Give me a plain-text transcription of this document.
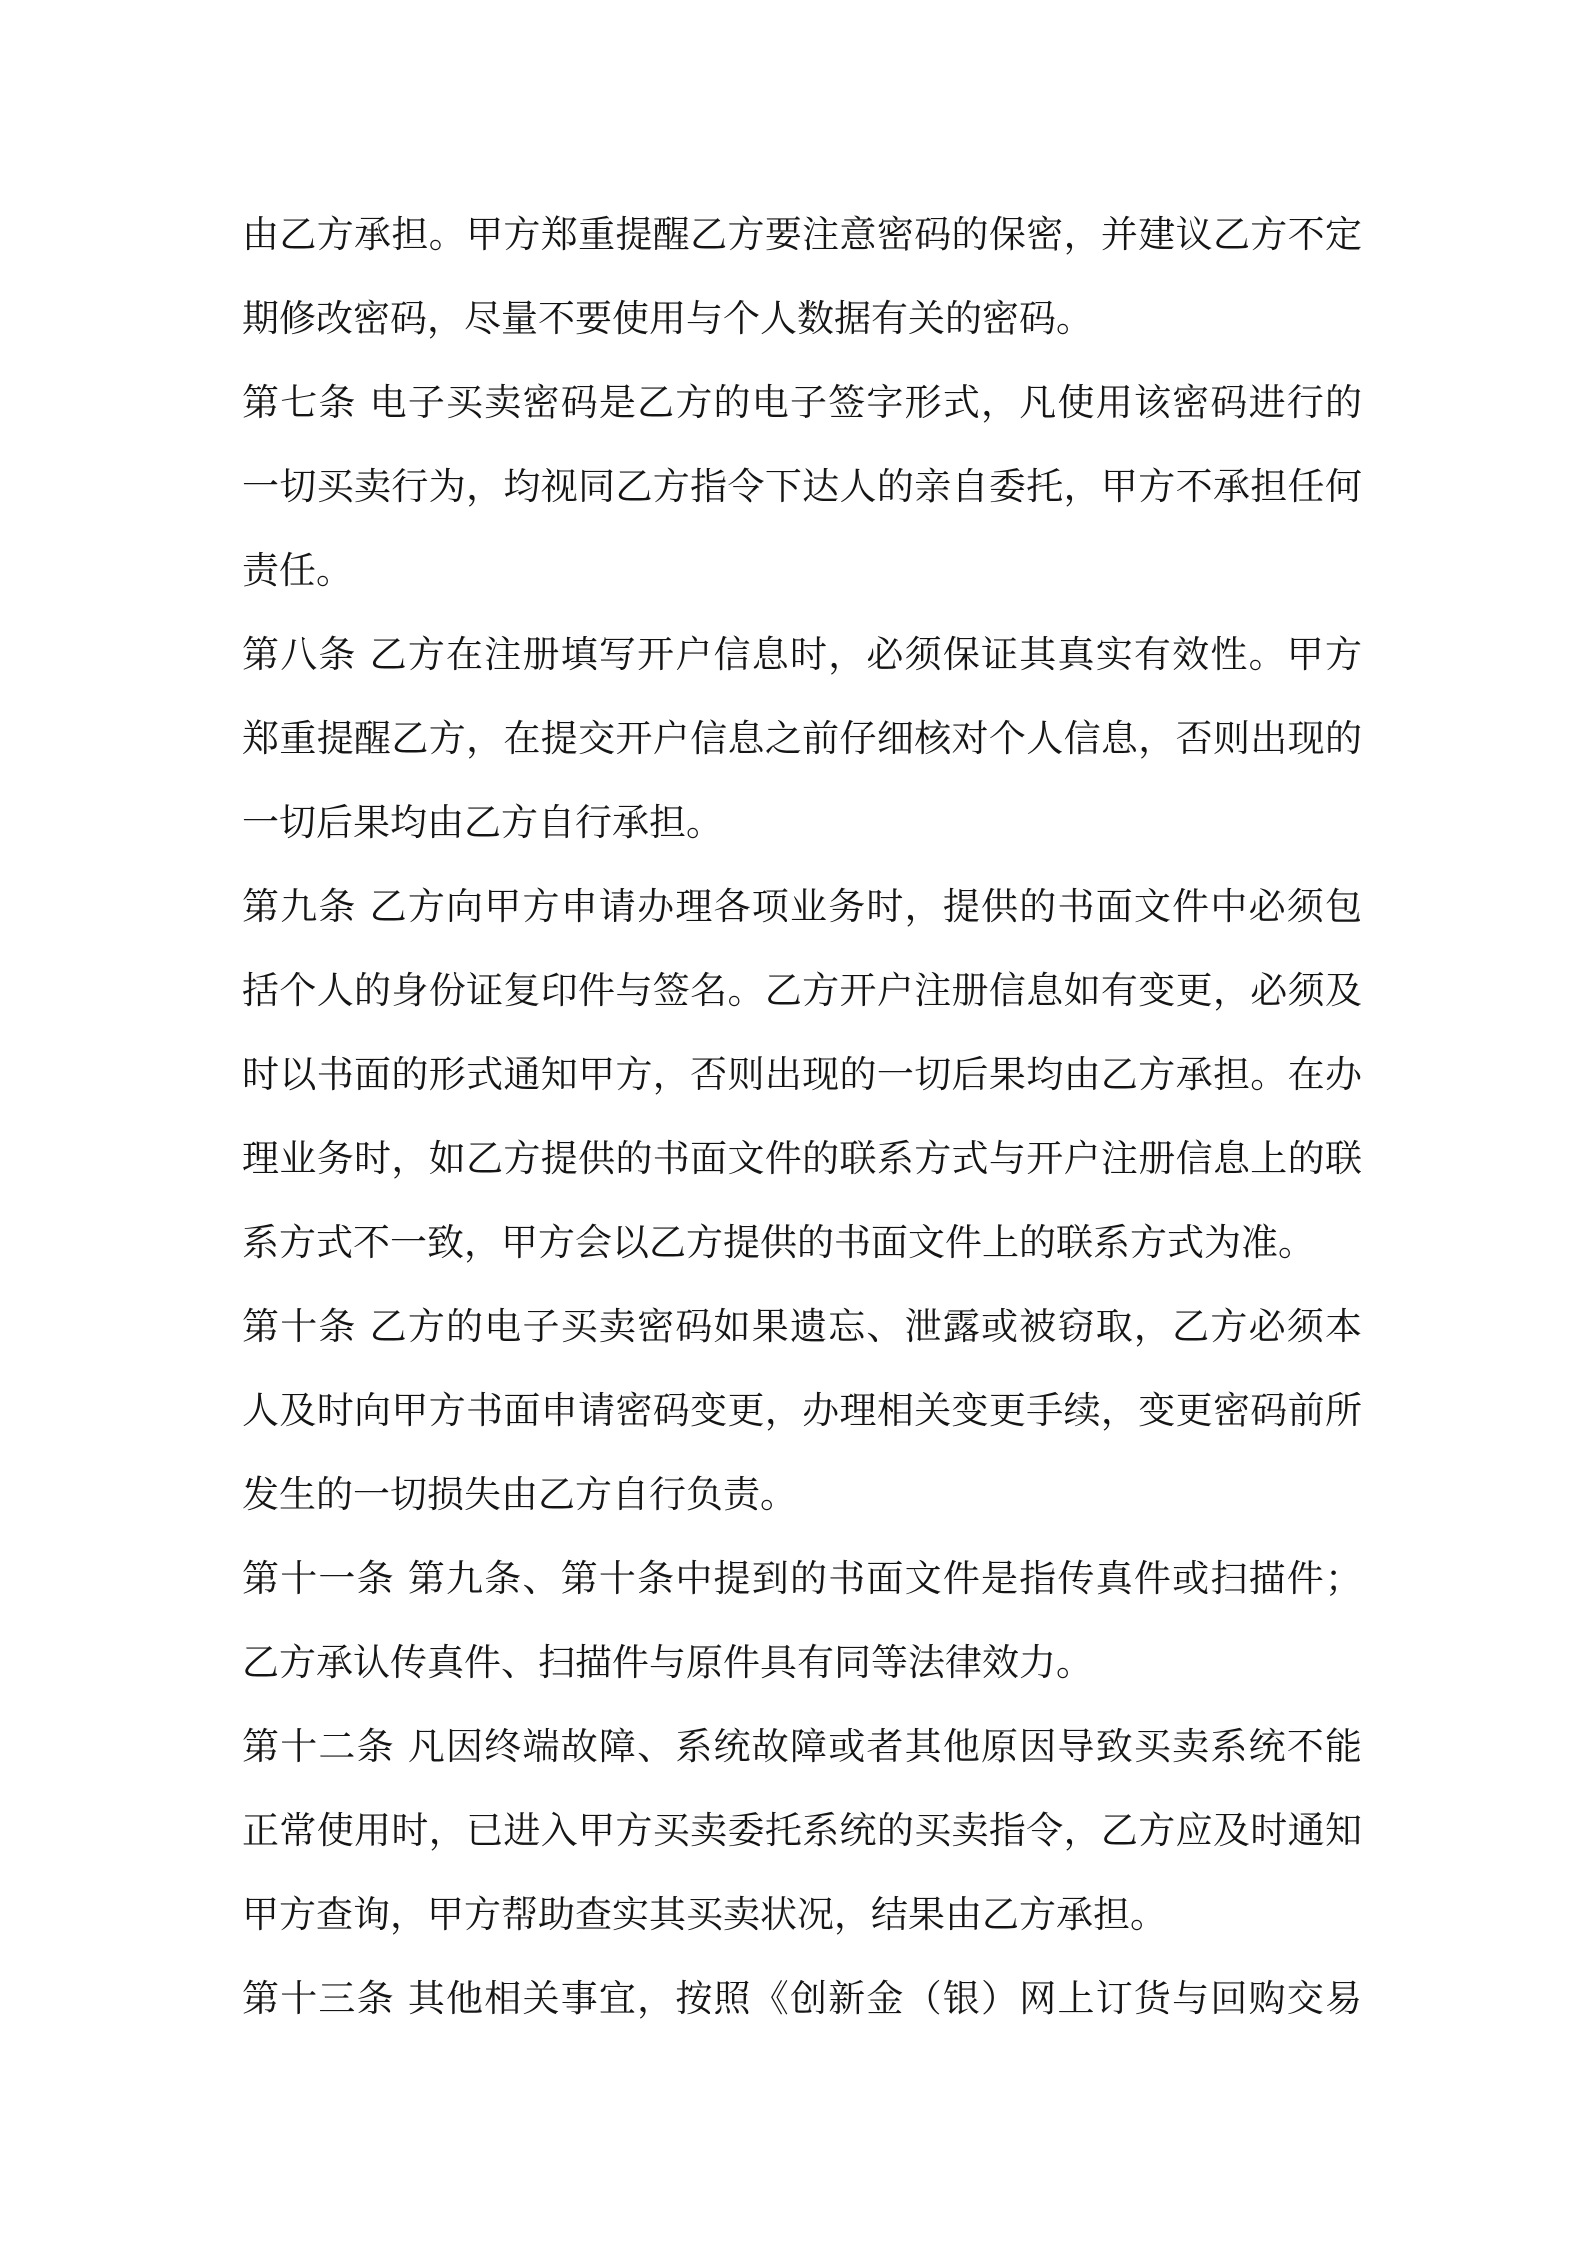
由乙方承担。甲方郑重提醒乙方要注意密码的保密，并建议乙方不定
期修改密码，尽量不要使用与个人数据有关的密码。
第七条 电子买卖密码是乙方的电子签字形式，凡使用该密码进行的
一切买卖行为，均视同乙方指令下达人的亲自委托，甲方不承担任何
责任。
第八条 乙方在注册填写开户信息时，必须保证其真实有效性。甲方
郑重提醒乙方，在提交开户信息之前仔细核对个人信息，否则出现的
一切后果均由乙方自行承担。
第九条 乙方向甲方申请办理各项业务时，提供的书面文件中必须包
括个人的身份证复印件与签名。乙方开户注册信息如有变更，必须及
时以书面的形式通知甲方，否则出现的一切后果均由乙方承担。在办
理业务时，如乙方提供的书面文件的联系方式与开户注册信息上的联
系方式不一致，甲方会以乙方提供的书面文件上的联系方式为准。
第十条 乙方的电子买卖密码如果遗忘、泄露或被窃取，乙方必须本
人及时向甲方书面申请密码变更，办理相关变更手续，变更密码前所
发生的一切损失由乙方自行负责。
第十一条 第九条、第十条中提到的书面文件是指传真件或扫描件；
乙方承认传真件、扫描件与原件具有同等法律效力。
第十二条 凡因终端故障、系统故障或者其他原因导致买卖系统不能
正常使用时，已进入甲方买卖委托系统的买卖指令，乙方应及时通知
甲方查询，甲方帮助查实其买卖状况，结果由乙方承担。
第十三条 其他相关事宜，按照《创新金（银）网上订货与回购交易
